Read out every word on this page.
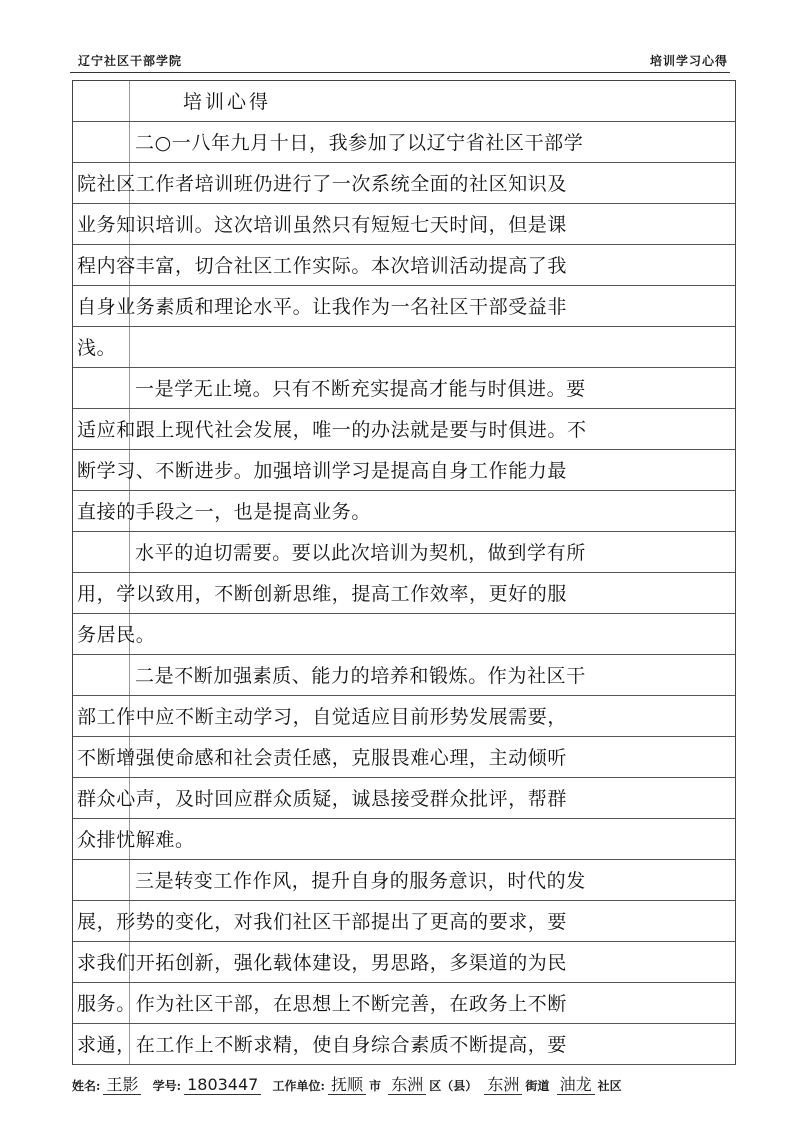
辽宁社区干部学院	培训学习心得
培训心得
二○一八年九月十日，我参加了以辽宁省社区干部学
院社区工作者培训班仍进行了一次系统全面的社区知识及
业务知识培训。这次培训虽然只有短短七天时间，但是课
程内容丰富，切合社区工作实际。本次培训活动提高了我
自身业务素质和理论水平。让我作为一名社区干部受益非
浅。
一是学无止境。只有不断充实提高才能与时俱进。要
适应和跟上现代社会发展，唯一的办法就是要与时俱进。不
断学习、不断进步。加强培训学习是提高自身工作能力最
直接的手段之一，也是提高业务。
水平的迫切需要。要以此次培训为契机，做到学有所
用，学以致用，不断创新思维，提高工作效率，更好的服
务居民。
二是不断加强素质、能力的培养和锻炼。作为社区干
部工作中应不断主动学习，自觉适应目前形势发展需要，
不断增强使命感和社会责任感，克服畏难心理，主动倾听
群众心声，及时回应群众质疑，诚恳接受群众批评，帮群
众排忧解难。
三是转变工作作风，提升自身的服务意识，时代的发
展，形势的变化，对我们社区干部提出了更高的要求，要
求我们开拓创新，强化载体建设，男思路，多渠道的为民
服务。作为社区干部，在思想上不断完善，在政务上不断
求通，在工作上不断求精，使自身综合素质不断提高，要
姓名: 王影 学号: 1803447 工作单位: 抚顺 市 东洲 区（县） 东洲 街道 油龙 社区
